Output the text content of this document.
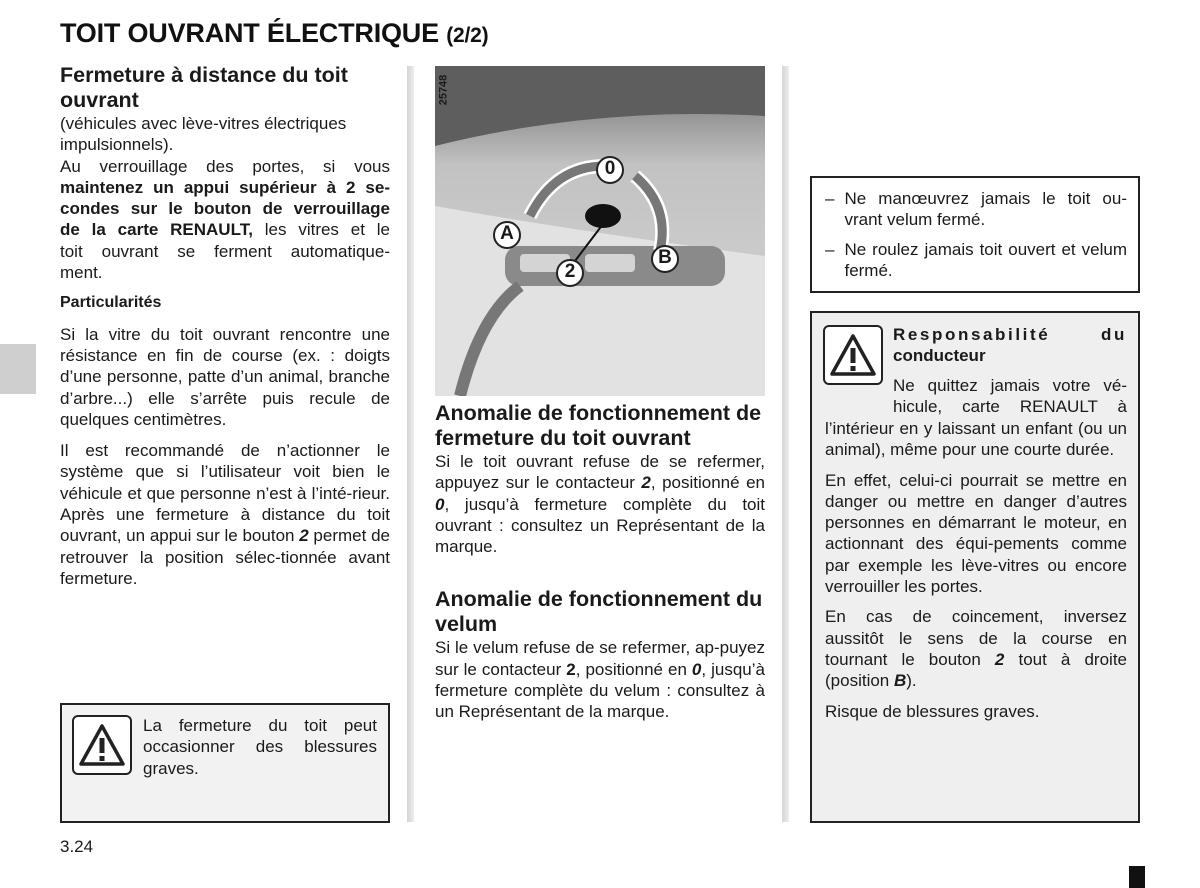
TOIT OUVRANT ÉLECTRIQUE (2/2)
Fermeture à distance du toit ouvrant

(véhicules avec lève-vitres électriques

impulsionnels).

Au verrouillage des portes, si vous

maintenez un appui supérieur à 2 se-

condes sur le bouton de verrouillage

de la carte RENAULT, les vitres et le

toit ouvrant se ferment automatique-

ment.

Particularités

Si la vitre du toit ouvrant rencontre une résistance en fin de course (ex. : doigts d’une personne, patte d’un animal, branche d’arbre...) elle s’arrête puis recule de quelques centimètres.

Il est recommandé de n’actionner le système que si l’utilisateur voit bien le véhicule et que personne n’est à l’inté-rieur. Après une fermeture à distance du toit ouvrant, un appui sur le bouton 2 permet de retrouver la position sélec-tionnée avant fermeture.

La fermeture du toit peut occasionner des blessures graves.
25748
0
A
B
2
Anomalie de fonctionnement de fermeture du toit ouvrant

Si le toit ouvrant refuse de se refermer, appuyez sur le contacteur 2, positionné en 0, jusqu’à fermeture complète du toit ouvrant : consultez un Représentant de la marque.

Anomalie de fonctionnement du velum

Si le velum refuse de se refermer, ap-puyez sur le contacteur 2, positionné en 0, jusqu’à fermeture complète du velum : consultez à un Représentant de la marque.

– Ne manœuvrez jamais le toit ou-vrant velum fermé.
– Ne roulez jamais toit ouvert et velum fermé.
Responsabilité du
conducteur
Ne quittez jamais votre vé-
hicule, carte RENAULT à

l’intérieur en y laissant un enfant (ou un animal), même pour une courte durée.

En effet, celui-ci pourrait se mettre en danger ou mettre en danger d’autres personnes en démarrant le moteur, en actionnant des équi-pements comme par exemple les lève-vitres ou encore verrouiller les portes.

En cas de coincement, inversez aussitôt le sens de la course en tournant le bouton 2 tout à droite (position B).

Risque de blessures graves.

3.24
